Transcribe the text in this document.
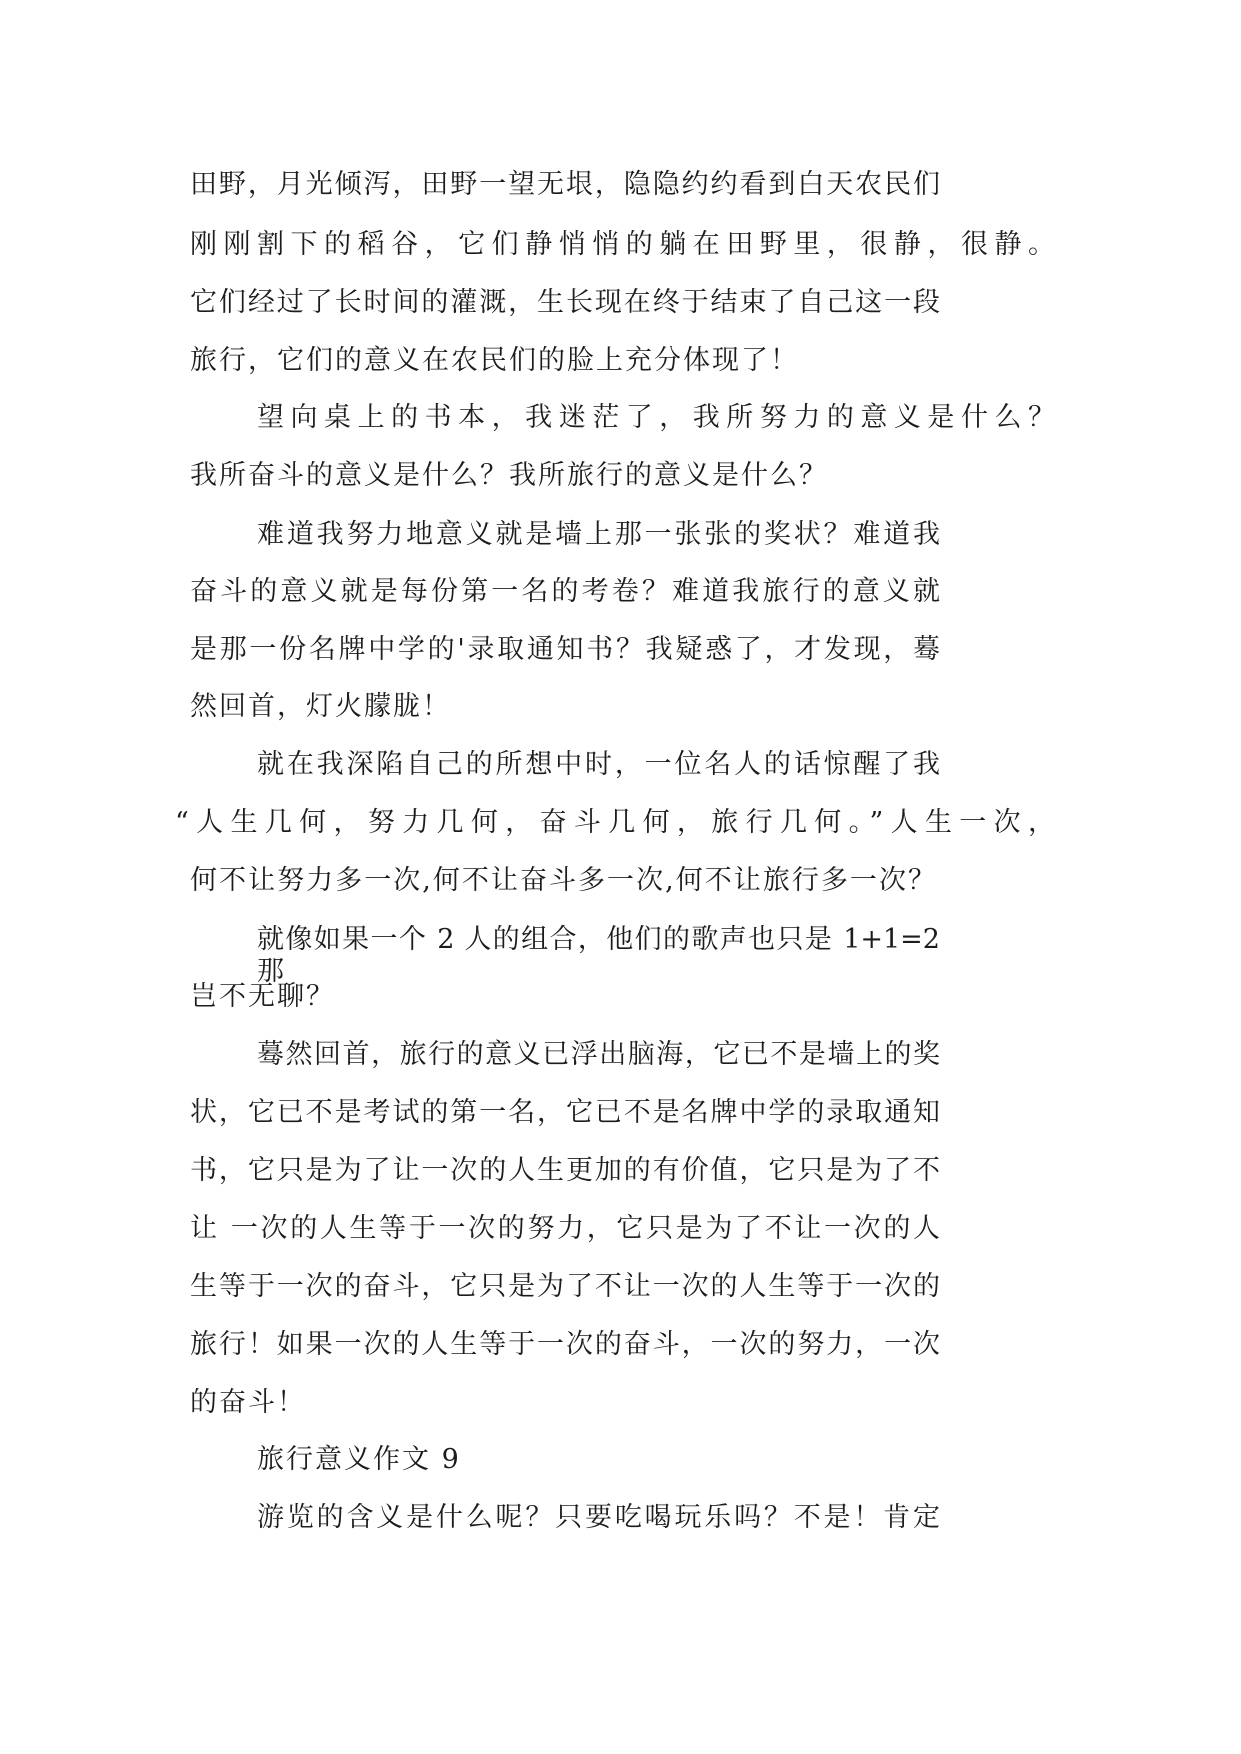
田野，月光倾泻，田野一望无垠，隐隐约约看到白天农民们
刚刚割下的稻谷，它们静悄悄的躺在田野里，很静，很静。
它们经过了长时间的灌溉，生长现在终于结束了自己这一段
旅行，它们的意义在农民们的脸上充分体现了！
望向桌上的书本，我迷茫了，我所努力的意义是什么？
我所奋斗的意义是什么？我所旅行的意义是什么？
难道我努力地意义就是墙上那一张张的奖状？难道我
奋斗的意义就是每份第一名的考卷？难道我旅行的意义就
是那一份名牌中学的'录取通知书？我疑惑了，才发现，蓦
然回首，灯火朦胧！
就在我深陷自己的所想中时，一位名人的话惊醒了我
“人生几何，努力几何，奋斗几何，旅行几何。”人生一次，
何不让努力多一次,何不让奋斗多一次,何不让旅行多一次？
就像如果一个 2 人的组合，他们的歌声也只是 1+1=2 那
岂不无聊？
蓦然回首，旅行的意义已浮出脑海，它已不是墙上的奖
状，它已不是考试的第一名，它已不是名牌中学的录取通知
书，它只是为了让一次的人生更加的有价值，它只是为了不
让 一次的人生等于一次的努力，它只是为了不让一次的人
生等于一次的奋斗，它只是为了不让一次的人生等于一次的
旅行！如果一次的人生等于一次的奋斗，一次的努力，一次
的奋斗！
旅行意义作文 9
游览的含义是什么呢？只要吃喝玩乐吗？不是！肯定
